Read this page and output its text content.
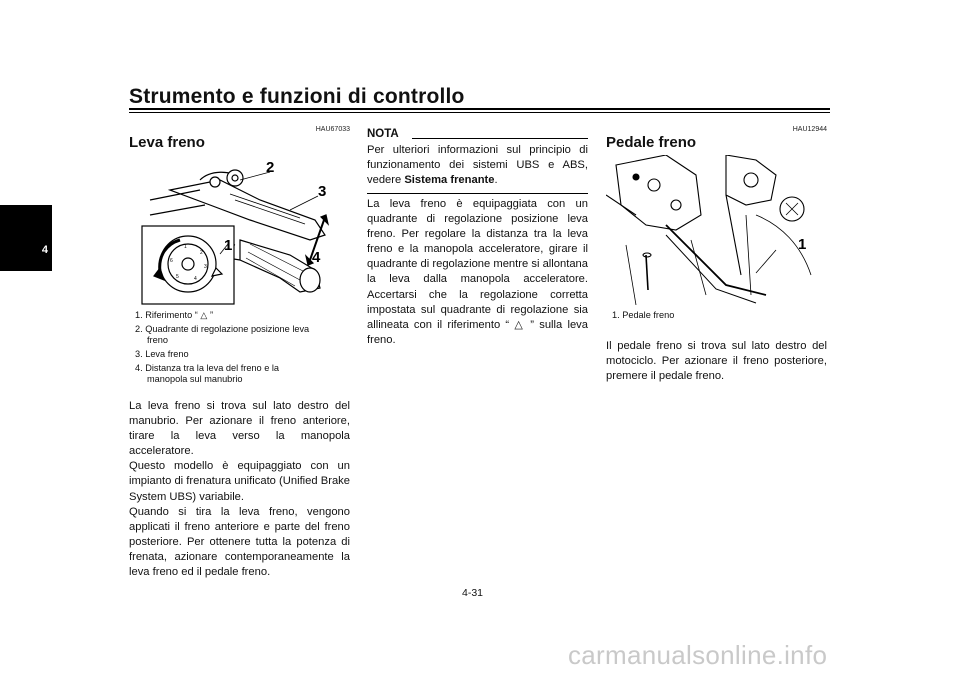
Strumento e funzioni di controllo
4
HAU67033
Leva freno
1
2
3
4
5
6
2
3
1
4
1. Riferimento “ △ ”
2. Quadrante di regolazione posizione leva
freno
3. Leva freno
4. Distanza tra la leva del freno e la
manopola sul manubrio
La leva freno si trova sul lato destro del manubrio. Per azionare il freno anteriore, tirare la leva verso la manopola acceleratore.
Questo modello è equipaggiato con un impianto di frenatura unificato (Unified Brake System UBS) variabile.
Quando si tira la leva freno, vengono applicati il freno anteriore e parte del freno posteriore. Per ottenere tutta la potenza di frenata, azionare contemporaneamente la leva freno ed il pedale freno.
NOTA
Per ulteriori informazioni sul principio di funzionamento dei sistemi UBS e ABS, vedere Sistema frenante.
La leva freno è equipaggiata con un quadrante di regolazione posizione leva freno. Per regolare la distanza tra la leva freno e la manopola acceleratore, girare il quadrante di regolazione mentre si allontana la leva dalla manopola acceleratore. Accertarsi che la regolazione corretta impostata sul quadrante di regolazione sia allineata con il riferimento “ △ ” sulla leva freno.
HAU12944
Pedale freno
1
1. Pedale freno
Il pedale freno si trova sul lato destro del motociclo. Per azionare il freno posteriore, premere il pedale freno.
4-31
carmanualsonline.info
